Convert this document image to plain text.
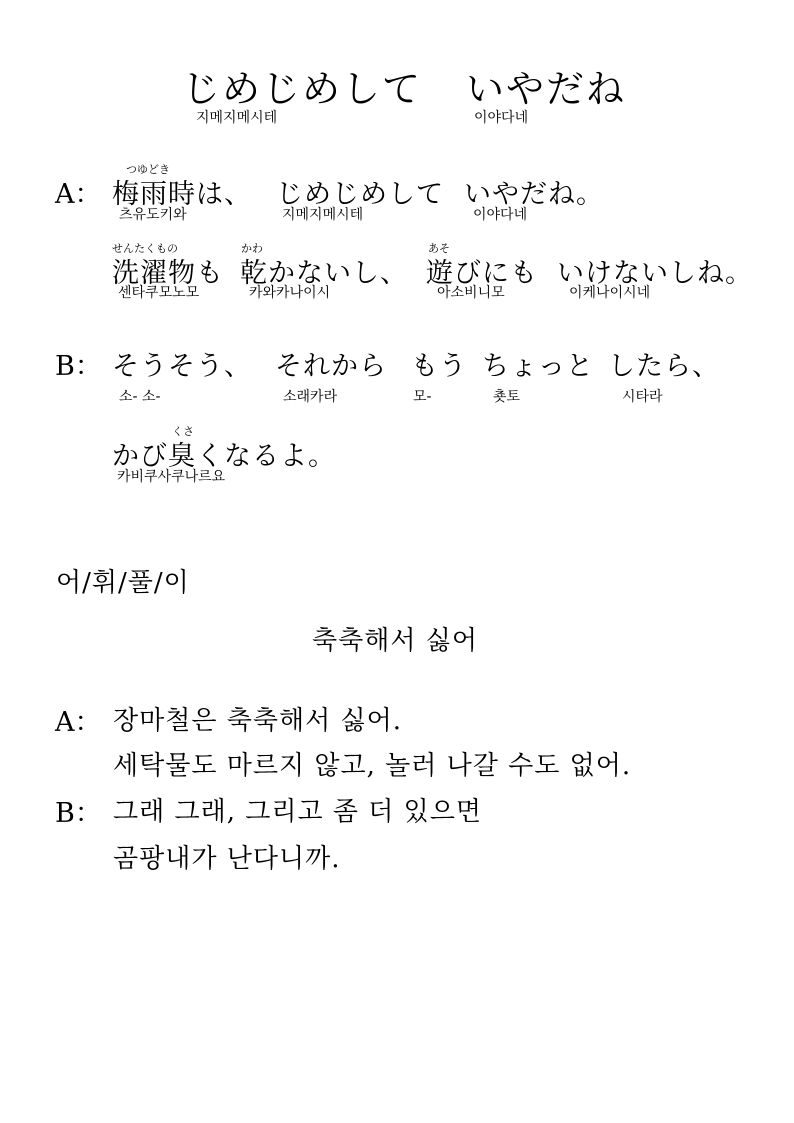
じめじめして いやだね
지메지메시테	이야다네
A：
つゆどき
梅雨時は、 じめじめして いやだね。
츠유도키와	지메지메시테	이야다네
せんたくもの	かわ	あそ
洗濯物も 乾かないし、 遊びにも いけないしね。
센타쿠모노모	카와카나이시	아소비니모	이케나이시네
B： そうそう、 それから もう ちょっと したら、
소- 소-	소래카라	모-	춋토	시타라
くさ
かび臭くなるよ。
카비쿠사쿠나르요
어/휘/풀/이
축축해서 싫어
A： 장마철은 축축해서 싫어.
세탁물도 마르지 않고, 놀러 나갈 수도 없어.
B： 그래 그래, 그리고 좀 더 있으면
곰팡내가 난다니까.
